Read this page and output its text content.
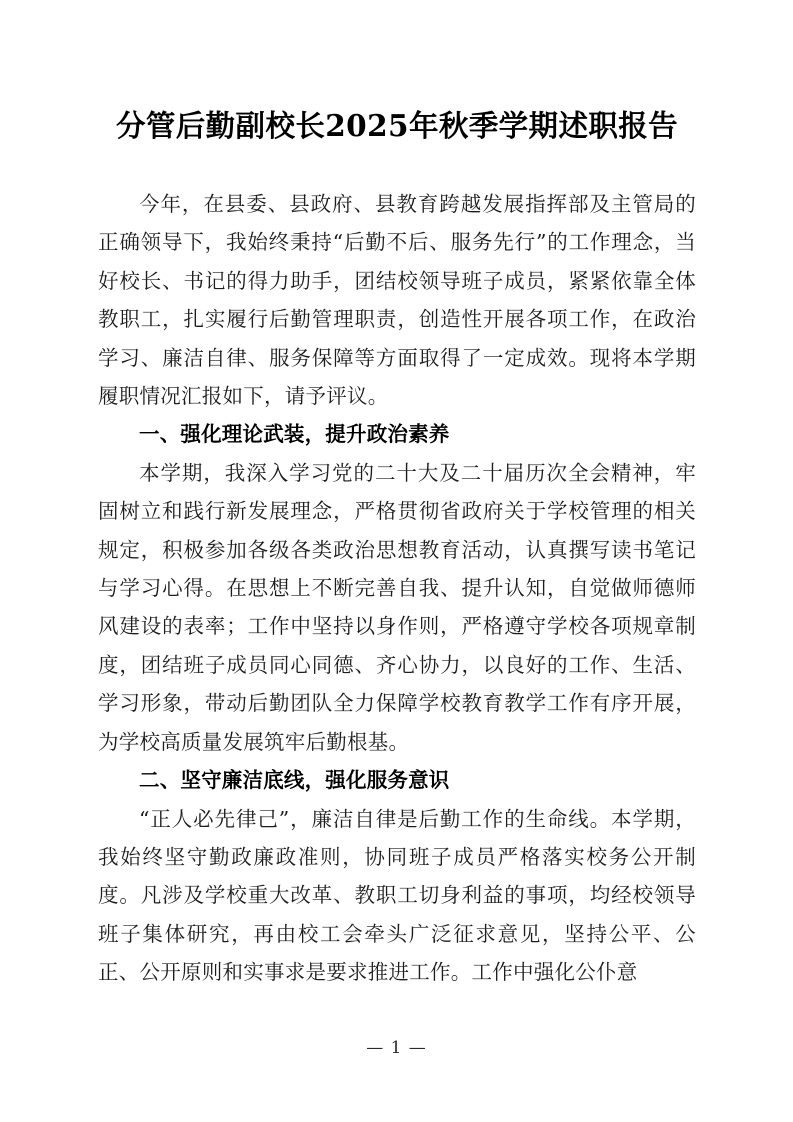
分管后勤副校长2025年秋季学期述职报告

今年，在县委、县政府、县教育跨越发展指挥部及主管局的正确领导下，我始终秉持“后勤不后、服务先行”的工作理念，当好校长、书记的得力助手，团结校领导班子成员，紧紧依靠全体教职工，扎实履行后勤管理职责，创造性开展各项工作，在政治学习、廉洁自律、服务保障等方面取得了一定成效。现将本学期履职情况汇报如下，请予评议。

一、强化理论武装，提升政治素养

本学期，我深入学习党的二十大及二十届历次全会精神，牢固树立和践行新发展理念，严格贯彻省政府关于学校管理的相关规定，积极参加各级各类政治思想教育活动，认真撰写读书笔记与学习心得。在思想上不断完善自我、提升认知，自觉做师德师风建设的表率；工作中坚持以身作则，严格遵守学校各项规章制度，团结班子成员同心同德、齐心协力，以良好的工作、生活、学习形象，带动后勤团队全力保障学校教育教学工作有序开展，为学校高质量发展筑牢后勤根基。

二、坚守廉洁底线，强化服务意识

“正人必先律己”，廉洁自律是后勤工作的生命线。本学期，我始终坚守勤政廉政准则，协同班子成员严格落实校务公开制度。凡涉及学校重大改革、教职工切身利益的事项，均经校领导班子集体研究，再由校工会牵头广泛征求意见，坚持公平、公正、公开原则和实事求是要求推进工作。工作中强化公仆意

— 1 —
